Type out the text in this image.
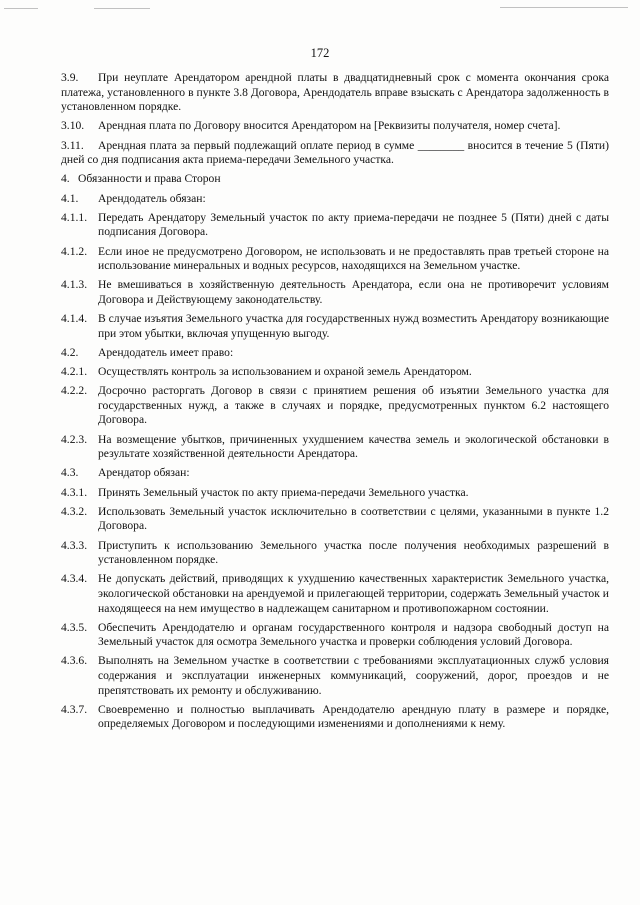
172

3.9. При неуплате Арендатором арендной платы в двадцатидневный срок с момента окончания срока платежа, установленного в пункте 3.8 Договора, Арендодатель вправе взыскать с Арендатора задолженность в установленном порядке.

3.10. Арендная плата по Договору вносится Арендатором на [Реквизиты получателя, номер счета].

3.11. Арендная плата за первый подлежащий оплате период в сумме ________ вносится в течение 5 (Пяти) дней со дня подписания акта приема-передачи Земельного участка.

4. Обязанности и права Сторон

4.1. Арендодатель обязан:

4.1.1. Передать Арендатору Земельный участок по акту приема-передачи не позднее 5 (Пяти) дней с даты подписания Договора.

4.1.2. Если иное не предусмотрено Договором, не использовать и не предоставлять прав третьей стороне на использование минеральных и водных ресурсов, находящихся на Земельном участке.

4.1.3. Не вмешиваться в хозяйственную деятельность Арендатора, если она не противоречит условиям Договора и Действующему законодательству.

4.1.4. В случае изъятия Земельного участка для государственных нужд возместить Арендатору возникающие при этом убытки, включая упущенную выгоду.

4.2. Арендодатель имеет право:

4.2.1. Осуществлять контроль за использованием и охраной земель Арендатором.

4.2.2. Досрочно расторгать Договор в связи с принятием решения об изъятии Земельного участка для государственных нужд, а также в случаях и порядке, предусмотренных пунктом 6.2 настоящего Договора.

4.2.3. На возмещение убытков, причиненных ухудшением качества земель и экологической обстановки в результате хозяйственной деятельности Арендатора.

4.3. Арендатор обязан:

4.3.1. Принять Земельный участок по акту приема-передачи Земельного участка.

4.3.2. Использовать Земельный участок исключительно в соответствии с целями, указанными в пункте 1.2 Договора.

4.3.3. Приступить к использованию Земельного участка после получения необходимых разрешений в установленном порядке.

4.3.4. Не допускать действий, приводящих к ухудшению качественных характеристик Земельного участка, экологической обстановки на арендуемой и прилегающей территории, содержать Земельный участок и находящееся на нем имущество в надлежащем санитарном и противопожарном состоянии.

4.3.5. Обеспечить Арендодателю и органам государственного контроля и надзора свободный доступ на Земельный участок для осмотра Земельного участка и проверки соблюдения условий Договора.

4.3.6. Выполнять на Земельном участке в соответствии с требованиями эксплуатационных служб условия содержания и эксплуатации инженерных коммуникаций, сооружений, дорог, проездов и не препятствовать их ремонту и обслуживанию.

4.3.7. Своевременно и полностью выплачивать Арендодателю арендную плату в размере и порядке, определяемых Договором и последующими изменениями и дополнениями к нему.
